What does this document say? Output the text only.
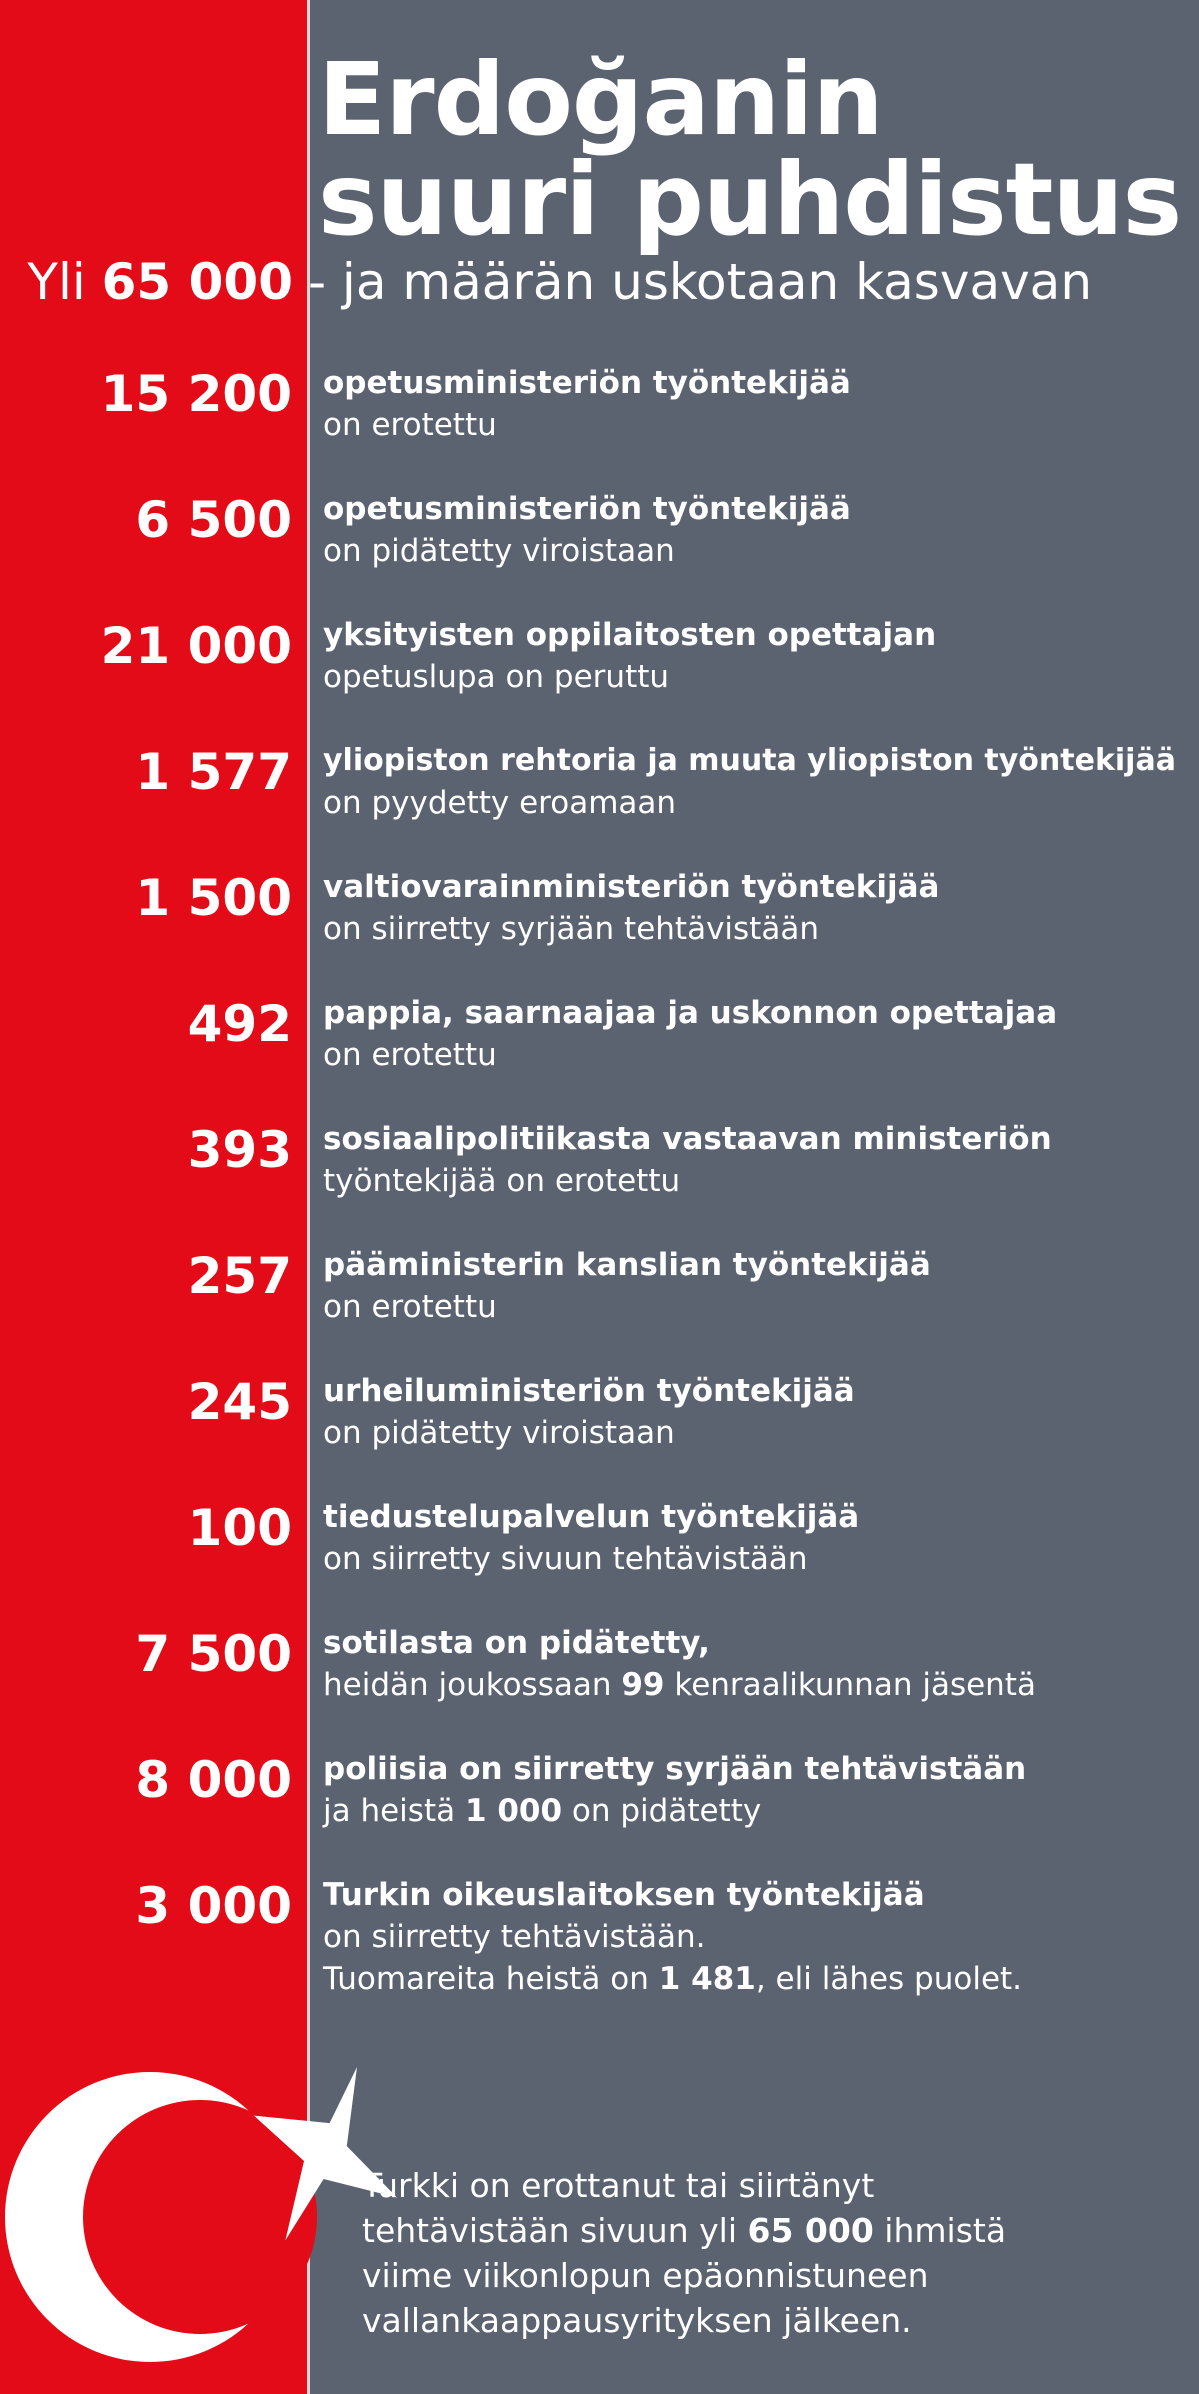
Erdoğanin
suuri puhdistus
Yli 65 000 - ja määrän uskotaan kasvavan
15 200 opetusministeriön työntekijää
on erotettu
6 500 opetusministeriön työntekijää
on pidätetty viroistaan
21 000 yksityisten oppilaitosten opettajan
opetuslupa on peruttu
1 577 yliopiston rehtoria ja muuta yliopiston työntekijää
on pyydetty eroamaan
1 500 valtiovarainministeriön työntekijää
on siirretty syrjään tehtävistään
492 pappia, saarnaajaa ja uskonnon opettajaa
on erotettu
393 sosiaalipolitiikasta vastaavan ministeriön
työntekijää on erotettu
257 pääministerin kanslian työntekijää
on erotettu
245 urheiluministeriön työntekijää
on pidätetty viroistaan
100 tiedustelupalvelun työntekijää
on siirretty sivuun tehtävistään
7 500 sotilasta on pidätetty,
heidän joukossaan 99 kenraalikunnan jäsentä
8 000 poliisia on siirretty syrjään tehtävistään
ja heistä 1 000 on pidätetty
3 000 Turkin oikeuslaitoksen työntekijää
on siirretty tehtävistään.
Tuomareita heistä on 1 481, eli lähes puolet.
Turkki on erottanut tai siirtänyt
tehtävistään sivuun yli 65 000 ihmistä
viime viikonlopun epäonnistuneen
vallankaappausyrityksen jälkeen.
